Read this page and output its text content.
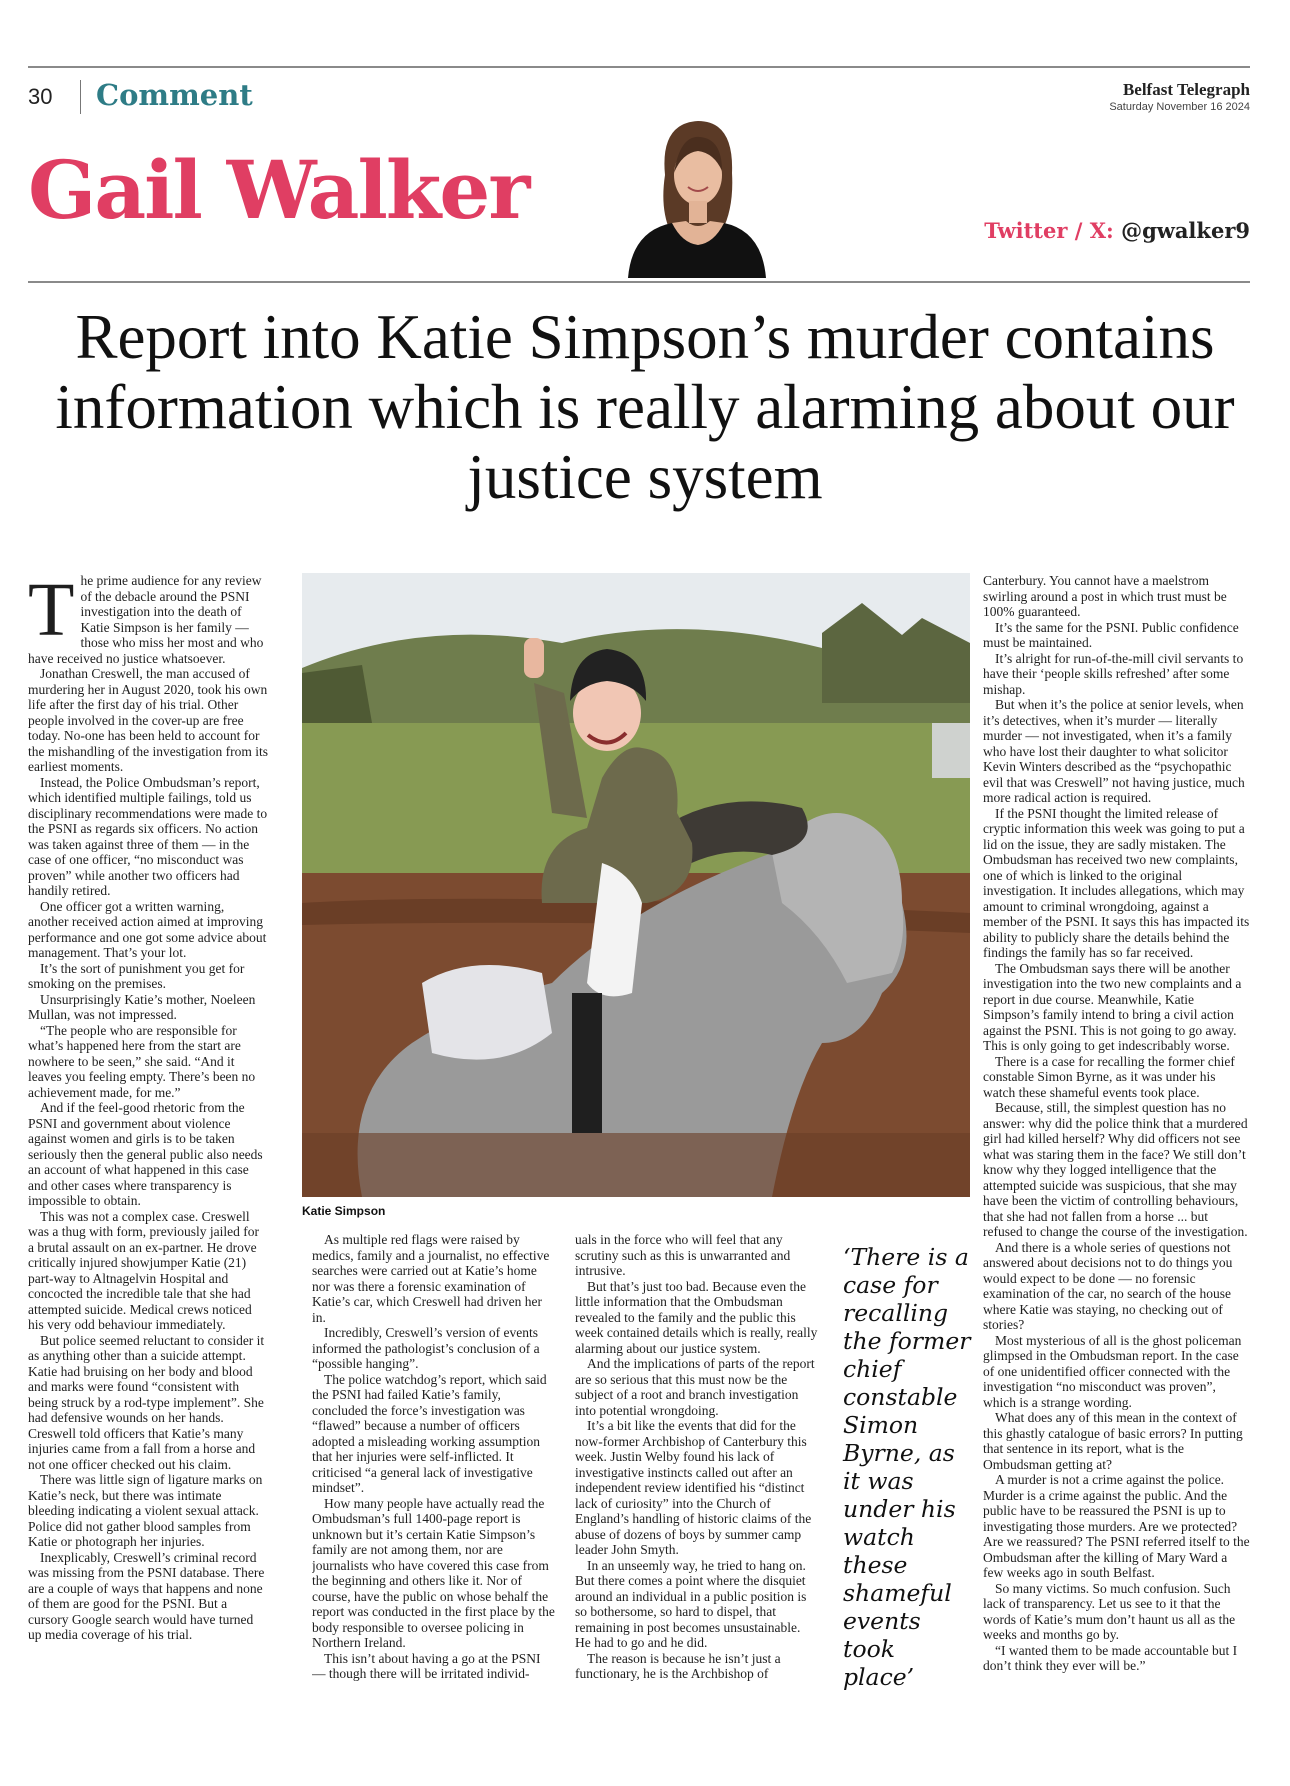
30 Comment	Belfast Telegraph
Saturday November 16 2024
Gail Walker	Twitter / X: @gwalker9
Report into Katie Simpson’s murder contains information which is really alarming about our justice system

The prime audience for any review of the debacle around the PSNI investigation into the death of Katie Simpson is her family — those who miss her most and who have received no justice whatsoever.

Jonathan Creswell, the man accused of murdering her in August 2020, took his own life after the first day of his trial. Other people involved in the cover-up are free today. No-one has been held to account for the mishandling of the investigation from its earliest moments.

Instead, the Police Ombudsman’s report, which identified multiple failings, told us disciplinary recommendations were made to the PSNI as regards six officers. No action was taken against three of them — in the case of one officer, “no misconduct was proven” while another two officers had handily retired.

One officer got a written warning, another received action aimed at improving performance and one got some advice about management. That’s your lot.

It’s the sort of punishment you get for smoking on the premises.

Unsurprisingly Katie’s mother, Noeleen Mullan, was not impressed.

“The people who are responsible for what’s happened here from the start are nowhere to be seen,” she said. “And it leaves you feeling empty. There’s been no achievement made, for me.”

And if the feel-good rhetoric from the PSNI and government about violence against women and girls is to be taken seriously then the general public also needs an account of what happened in this case and other cases where transparency is impossible to obtain.

This was not a complex case. Creswell was a thug with form, previously jailed for a brutal assault on an ex-partner. He drove critically injured showjumper Katie (21) part-way to Altnagelvin Hospital and concocted the incredible tale that she had attempted suicide. Medical crews noticed his very odd behaviour immediately.

But police seemed reluctant to consider it as anything other than a suicide attempt. Katie had bruising on her body and blood and marks were found “consistent with being struck by a rod-type implement”. She had defensive wounds on her hands. Creswell told officers that Katie’s many injuries came from a fall from a horse and not one officer checked out his claim.

There was little sign of ligature marks on Katie’s neck, but there was intimate bleeding indicating a violent sexual attack. Police did not gather blood samples from Katie or photograph her injuries.

Inexplicably, Creswell’s criminal record was missing from the PSNI database. There are a couple of ways that happens and none of them are good for the PSNI. But a cursory Google search would have turned up media coverage of his trial.

Katie Simpson

As multiple red flags were raised by medics, family and a journalist, no effective searches were carried out at Katie’s home nor was there a forensic examination of Katie’s car, which Creswell had driven her in.

Incredibly, Creswell’s version of events informed the pathologist’s conclusion of a “possible hanging”.

The police watchdog’s report, which said the PSNI had failed Katie’s family, concluded the force’s investigation was “flawed” because a number of officers adopted a misleading working assumption that her injuries were self-inflicted. It criticised “a general lack of investigative mindset”.

How many people have actually read the Ombudsman’s full 1400-page report is unknown but it’s certain Katie Simpson’s family are not among them, nor are journalists who have covered this case from the beginning and others like it. Nor of course, have the public on whose behalf the report was conducted in the first place by the body responsible to oversee policing in Northern Ireland.

This isn’t about having a go at the PSNI — though there will be irritated individ-

uals in the force who will feel that any scrutiny such as this is unwarranted and intrusive.

But that’s just too bad. Because even the little information that the Ombudsman revealed to the family and the public this week contained details which is really, really alarming about our justice system.

And the implications of parts of the report are so serious that this must now be the subject of a root and branch investigation into potential wrongdoing.

It’s a bit like the events that did for the now-former Archbishop of Canterbury this week. Justin Welby found his lack of investigative instincts called out after an independent review identified his “distinct lack of curiosity” into the Church of England’s handling of historic claims of the abuse of dozens of boys by summer camp leader John Smyth.

In an unseemly way, he tried to hang on. But there comes a point where the disquiet around an individual in a public position is so bothersome, so hard to dispel, that remaining in post becomes unsustainable. He had to go and he did.

The reason is because he isn’t just a functionary, he is the Archbishop of

‘There is a case for recalling the former chief constable Simon Byrne, as it was under his watch these shameful events took place’

Canterbury. You cannot have a maelstrom swirling around a post in which trust must be 100% guaranteed.

It’s the same for the PSNI. Public confidence must be maintained.

It’s alright for run-of-the-mill civil servants to have their ‘people skills refreshed’ after some mishap.

But when it’s the police at senior levels, when it’s detectives, when it’s murder — literally murder — not investigated, when it’s a family who have lost their daughter to what solicitor Kevin Winters described as the “psychopathic evil that was Creswell” not having justice, much more radical action is required.

If the PSNI thought the limited release of cryptic information this week was going to put a lid on the issue, they are sadly mistaken. The Ombudsman has received two new complaints, one of which is linked to the original investigation. It includes allegations, which may amount to criminal wrongdoing, against a member of the PSNI. It says this has impacted its ability to publicly share the details behind the findings the family has so far received.

The Ombudsman says there will be another investigation into the two new complaints and a report in due course. Meanwhile, Katie Simpson’s family intend to bring a civil action against the PSNI. This is not going to go away. This is only going to get indescribably worse.

There is a case for recalling the former chief constable Simon Byrne, as it was under his watch these shameful events took place.

Because, still, the simplest question has no answer: why did the police think that a murdered girl had killed herself? Why did officers not see what was staring them in the face? We still don’t know why they logged intelligence that the attempted suicide was suspicious, that she may have been the victim of controlling behaviours, that she had not fallen from a horse ... but refused to change the course of the investigation.

And there is a whole series of questions not answered about decisions not to do things you would expect to be done — no forensic examination of the car, no search of the house where Katie was staying, no checking out of stories?

Most mysterious of all is the ghost policeman glimpsed in the Ombudsman report. In the case of one unidentified officer connected with the investigation “no misconduct was proven”, which is a strange wording.

What does any of this mean in the context of this ghastly catalogue of basic errors? In putting that sentence in its report, what is the Ombudsman getting at?

A murder is not a crime against the police. Murder is a crime against the public. And the public have to be reassured the PSNI is up to investigating those murders. Are we protected? Are we reassured? The PSNI referred itself to the Ombudsman after the killing of Mary Ward a few weeks ago in south Belfast.

So many victims. So much confusion. Such lack of transparency. Let us see to it that the words of Katie’s mum don’t haunt us all as the weeks and months go by.

“I wanted them to be made accountable but I don’t think they ever will be.”
